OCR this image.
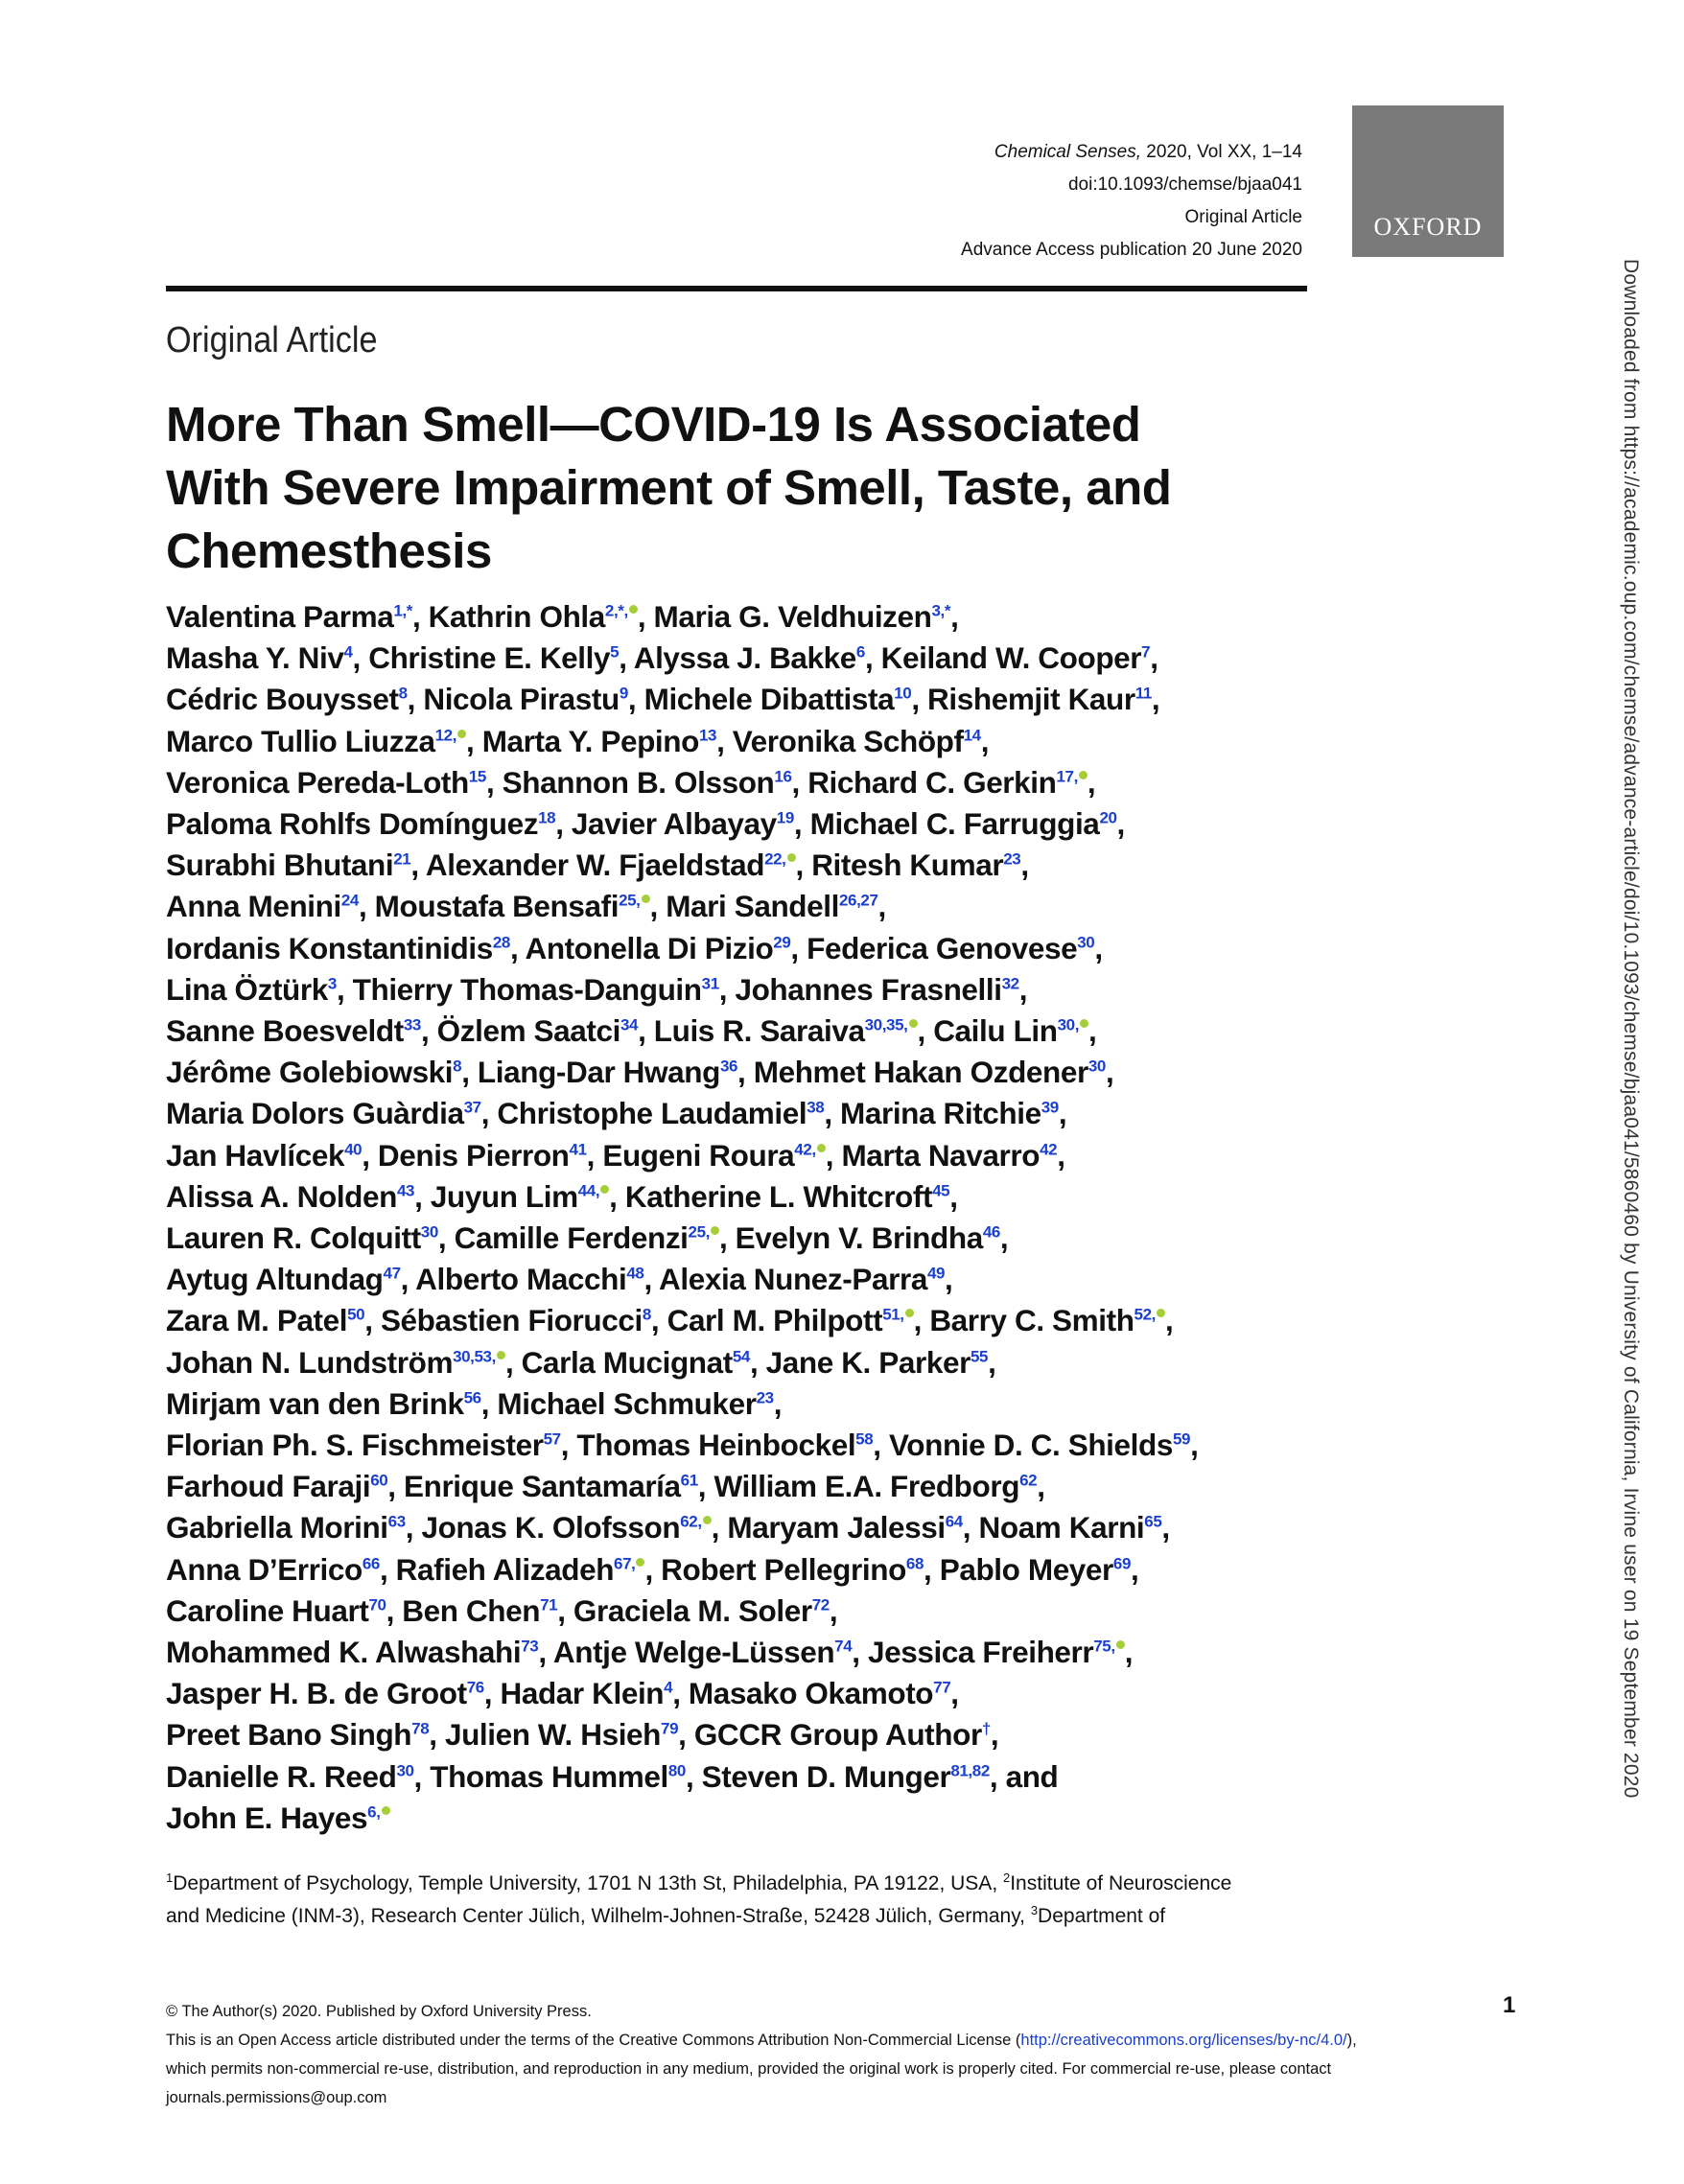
Chemical Senses, 2020, Vol XX, 1–14
doi:10.1093/chemse/bjaa041
Original Article
Advance Access publication 20 June 2020
OXFORD
Original Article
More Than Smell—COVID-19 Is Associated
With Severe Impairment of Smell, Taste, and
Chemesthesis
Valentina Parma$^{1,*}$, Kathrin Ohla$^{2,*,}$ , Maria G. Veldhuizen$^{3,*}$,
Masha Y. Niv$^4$, Christine E. Kelly$^5$, Alyssa J. Bakke$^6$, Keiland W. Cooper$^7$,
Cédric Bouysset$^8$, Nicola Pirastu$^9$, Michele Dibattista$^{10}$, Rishemjit Kaur$^{11}$,
Marco Tullio Liuzza$^{12,}$ , Marta Y. Pepino$^{13}$, Veronika Schöpf$^{14}$,
Veronica Pereda-Loth$^{15}$, Shannon B. Olsson$^{16}$, Richard C. Gerkin$^{17,}$ ,
Paloma Rohlfs Domínguez$^{18}$, Javier Albayay$^{19}$, Michael C. Farruggia$^{20}$,
Surabhi Bhutani$^{21}$, Alexander W. Fjaeldstad$^{22,}$ , Ritesh Kumar$^{23}$,
Anna Menini$^{24}$, Moustafa Bensafi$^{25,}$ , Mari Sandell$^{26,27}$,
Iordanis Konstantinidis$^{28}$, Antonella Di Pizio$^{29}$, Federica Genovese$^{30}$,
Lina Öztürk$^3$, Thierry Thomas-Danguin$^{31}$, Johannes Frasnelli$^{32}$,
Sanne Boesveldt$^{33}$, Özlem Saatci$^{34}$, Luis R. Saraiva$^{30,35,}$ , Cailu Lin$^{30,}$ ,
Jérôme Golebiowski$^8$, Liang-Dar Hwang$^{36}$, Mehmet Hakan Ozdener$^{30}$,
Maria Dolors Guàrdia$^{37}$, Christophe Laudamiel$^{38}$, Marina Ritchie$^{39}$,
Jan Havlícek$^{40}$, Denis Pierron$^{41}$, Eugeni Roura$^{42,}$ , Marta Navarro$^{42}$,
Alissa A. Nolden$^{43}$, Juyun Lim$^{44,}$ , Katherine L. Whitcroft$^{45}$,
Lauren R. Colquitt$^{30}$, Camille Ferdenzi$^{25,}$ , Evelyn V. Brindha$^{46}$,
Aytug Altundag$^{47}$, Alberto Macchi$^{48}$, Alexia Nunez-Parra$^{49}$,
Zara M. Patel$^{50}$, Sébastien Fiorucci$^8$, Carl M. Philpott$^{51,}$ , Barry C. Smith$^{52,}$ ,
Johan N. Lundström$^{30,53,}$ , Carla Mucignat$^{54}$, Jane K. Parker$^{55}$,
Mirjam van den Brink$^{56}$, Michael Schmuker$^{23}$,
Florian Ph. S. Fischmeister$^{57}$, Thomas Heinbockel$^{58}$, Vonnie D. C. Shields$^{59}$,
Farhoud Faraji$^{60}$, Enrique Santamaría$^{61}$, William E.A. Fredborg$^{62}$,
Gabriella Morini$^{63}$, Jonas K. Olofsson$^{62,}$ , Maryam Jalessi$^{64}$, Noam Karni$^{65}$,
Anna D’Errico$^{66}$, Rafieh Alizadeh$^{67,}$ , Robert Pellegrino$^{68}$, Pablo Meyer$^{69}$,
Caroline Huart$^{70}$, Ben Chen$^{71}$, Graciela M. Soler$^{72}$,
Mohammed K. Alwashahi$^{73}$, Antje Welge-Lüssen$^{74}$, Jessica Freiherr$^{75,}$ ,
Jasper H. B. de Groot$^{76}$, Hadar Klein$^4$, Masako Okamoto$^{77}$,
Preet Bano Singh$^{78}$, Julien W. Hsieh$^{79}$, GCCR Group Author†,
Danielle R. Reed$^{30}$, Thomas Hummel$^{80}$, Steven D. Munger$^{81,82}$, and
John E. Hayes$^{6,}$
$^1$Department of Psychology, Temple University, 1701 N 13th St, Philadelphia, PA 19122, USA, $^2$Institute of Neuroscience
and Medicine (INM-3), Research Center Jülich, Wilhelm-Johnen-Straße, 52428 Jülich, Germany, $^3$Department of
Downloaded from https://academic.oup.com/chemse/advance-article/doi/10.1093/chemse/bjaa041/5860460 by University of California, Irvine user on 19 September 2020
© The Author(s) 2020. Published by Oxford University Press.
This is an Open Access article distributed under the terms of the Creative Commons Attribution Non-Commercial License (http://creativecommons.org/licenses/by-nc/4.0/),
which permits non-commercial re-use, distribution, and reproduction in any medium, provided the original work is properly cited. For commercial re-use, please contact
journals.permissions@oup.com
1
